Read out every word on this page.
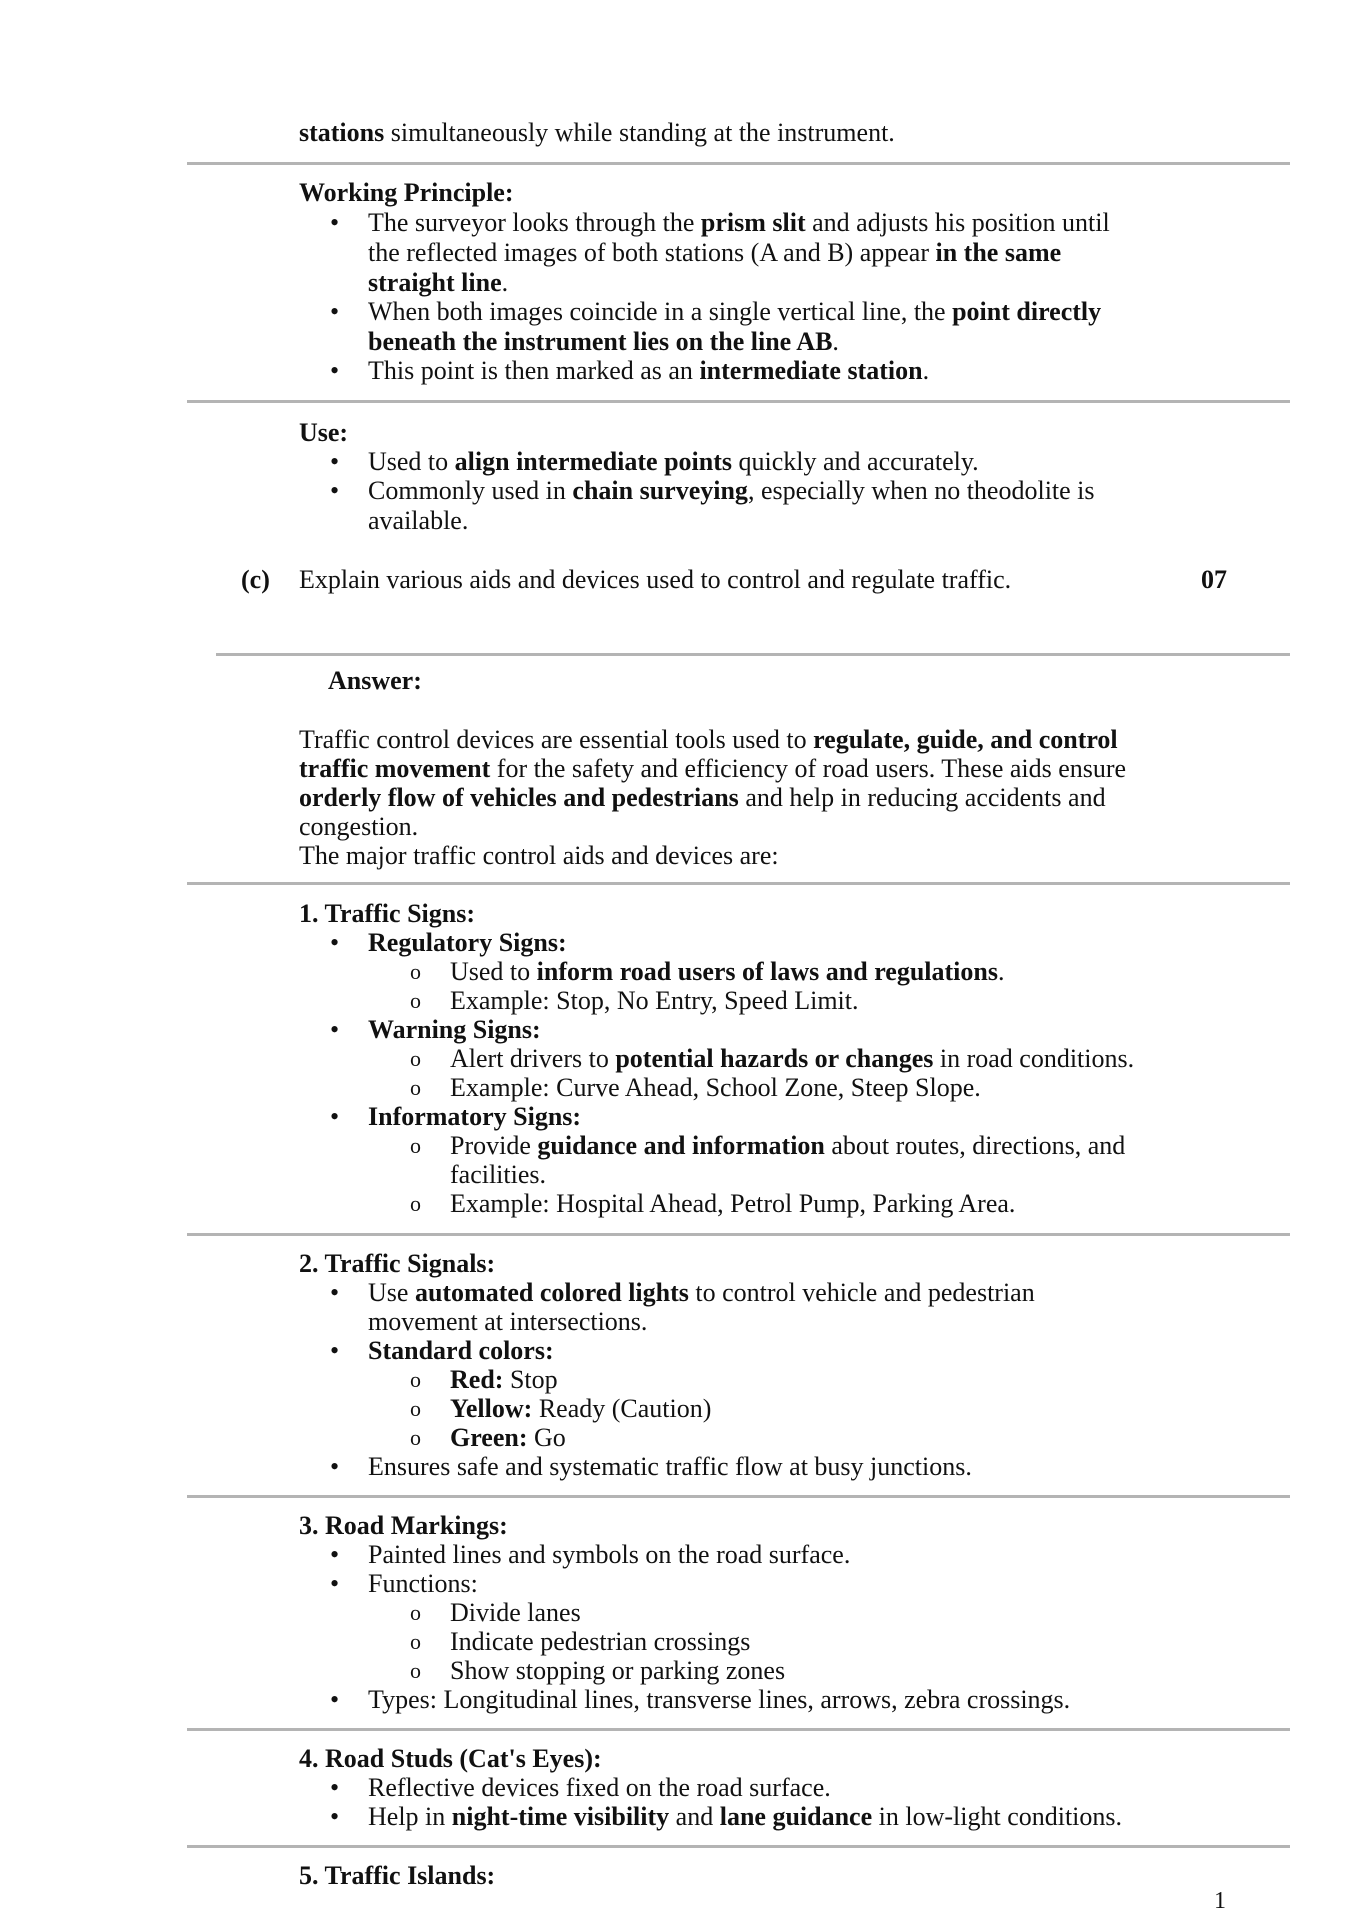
stations simultaneously while standing at the instrument.
Working Principle:
• The surveyor looks through the prism slit and adjusts his position until
the reflected images of both stations (A and B) appear in the same
straight line.
• When both images coincide in a single vertical line, the point directly
beneath the instrument lies on the line AB.
• This point is then marked as an intermediate station.
Use:
• Used to align intermediate points quickly and accurately.
• Commonly used in chain surveying, especially when no theodolite is
available.
(c) Explain various aids and devices used to control and regulate traffic.	07
Answer:
Traffic control devices are essential tools used to regulate, guide, and control
traffic movement for the safety and efficiency of road users. These aids ensure
orderly flow of vehicles and pedestrians and help in reducing accidents and
congestion.
The major traffic control aids and devices are:
1. Traffic Signs:
• Regulatory Signs:
o Used to inform road users of laws and regulations.
o Example: Stop, No Entry, Speed Limit.
• Warning Signs:
o Alert drivers to potential hazards or changes in road conditions.
o Example: Curve Ahead, School Zone, Steep Slope.
• Informatory Signs:
o Provide guidance and information about routes, directions, and
facilities.
o Example: Hospital Ahead, Petrol Pump, Parking Area.
2. Traffic Signals:
• Use automated colored lights to control vehicle and pedestrian
movement at intersections.
• Standard colors:
o Red: Stop
o Yellow: Ready (Caution)
o Green: Go
• Ensures safe and systematic traffic flow at busy junctions.
3. Road Markings:
• Painted lines and symbols on the road surface.
• Functions:
o Divide lanes
o Indicate pedestrian crossings
o Show stopping or parking zones
• Types: Longitudinal lines, transverse lines, arrows, zebra crossings.
4. Road Studs (Cat's Eyes):
• Reflective devices fixed on the road surface.
• Help in night-time visibility and lane guidance in low-light conditions.
5. Traffic Islands:
1
